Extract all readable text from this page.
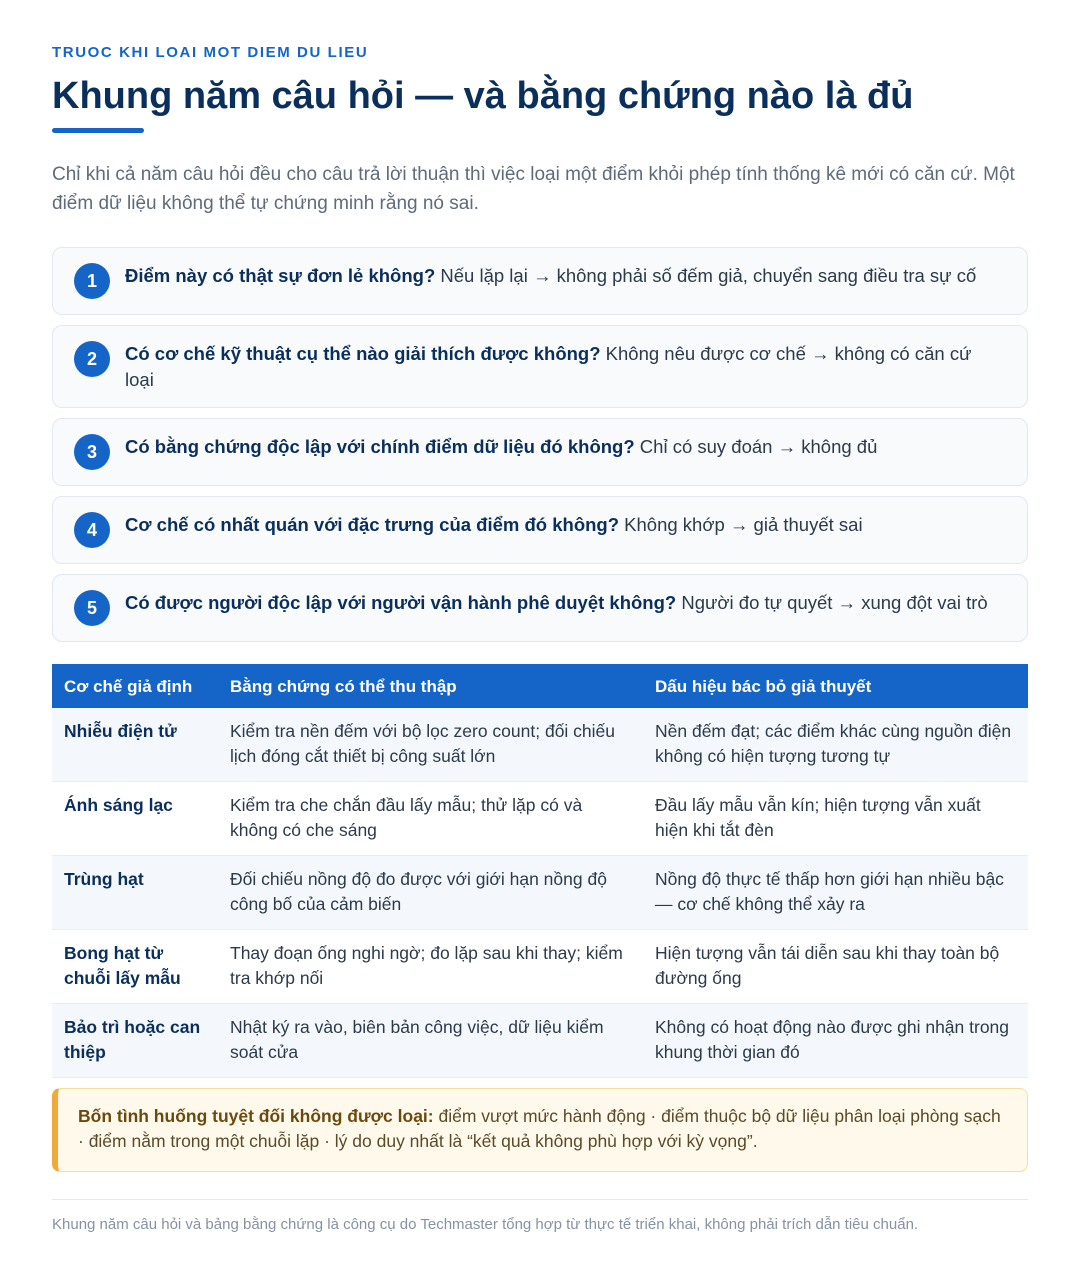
TRUOC KHI LOAI MOT DIEM DU LIEU
Khung năm câu hỏi — và bằng chứng nào là đủ

Chỉ khi cả năm câu hỏi đều cho câu trả lời thuận thì việc loại một điểm khỏi phép tính thống kê mới có căn cứ. Một điểm dữ liệu không thể tự chứng minh rằng nó sai.

1	Điểm này có thật sự đơn lẻ không? Nếu lặp lại → không phải số đếm giả, chuyển sang điều tra sự cố
2	Có cơ chế kỹ thuật cụ thể nào giải thích được không? Không nêu được cơ chế → không có căn cứ loại
3	Có bằng chứng độc lập với chính điểm dữ liệu đó không? Chỉ có suy đoán → không đủ
4	Cơ chế có nhất quán với đặc trưng của điểm đó không? Không khớp → giả thuyết sai
5	Có được người độc lập với người vận hành phê duyệt không? Người đo tự quyết → xung đột vai trò
Cơ chế giả định	Bằng chứng có thể thu thập	Dấu hiệu bác bỏ giả thuyết
Nhiễu điện tử	Kiểm tra nền đếm với bộ lọc zero count; đối chiếu lịch đóng cắt thiết bị công suất lớn	Nền đếm đạt; các điểm khác cùng nguồn điện không có hiện tượng tương tự
Ánh sáng lạc	Kiểm tra che chắn đầu lấy mẫu; thử lặp có và không có che sáng	Đầu lấy mẫu vẫn kín; hiện tượng vẫn xuất hiện khi tắt đèn
Trùng hạt	Đối chiếu nồng độ đo được với giới hạn nồng độ công bố của cảm biến	Nồng độ thực tế thấp hơn giới hạn nhiều bậc — cơ chế không thể xảy ra
Bong hạt từ chuỗi lấy mẫu	Thay đoạn ống nghi ngờ; đo lặp sau khi thay; kiểm tra khớp nối	Hiện tượng vẫn tái diễn sau khi thay toàn bộ đường ống
Bảo trì hoặc can thiệp	Nhật ký ra vào, biên bản công việc, dữ liệu kiểm soát cửa	Không có hoạt động nào được ghi nhận trong khung thời gian đó
Bốn tình huống tuyệt đối không được loại: điểm vượt mức hành động · điểm thuộc bộ dữ liệu phân loại phòng sạch · điểm nằm trong một chuỗi lặp · lý do duy nhất là “kết quả không phù hợp với kỳ vọng”.
Khung năm câu hỏi và bảng bằng chứng là công cụ do Techmaster tổng hợp từ thực tế triển khai, không phải trích dẫn tiêu chuẩn.
